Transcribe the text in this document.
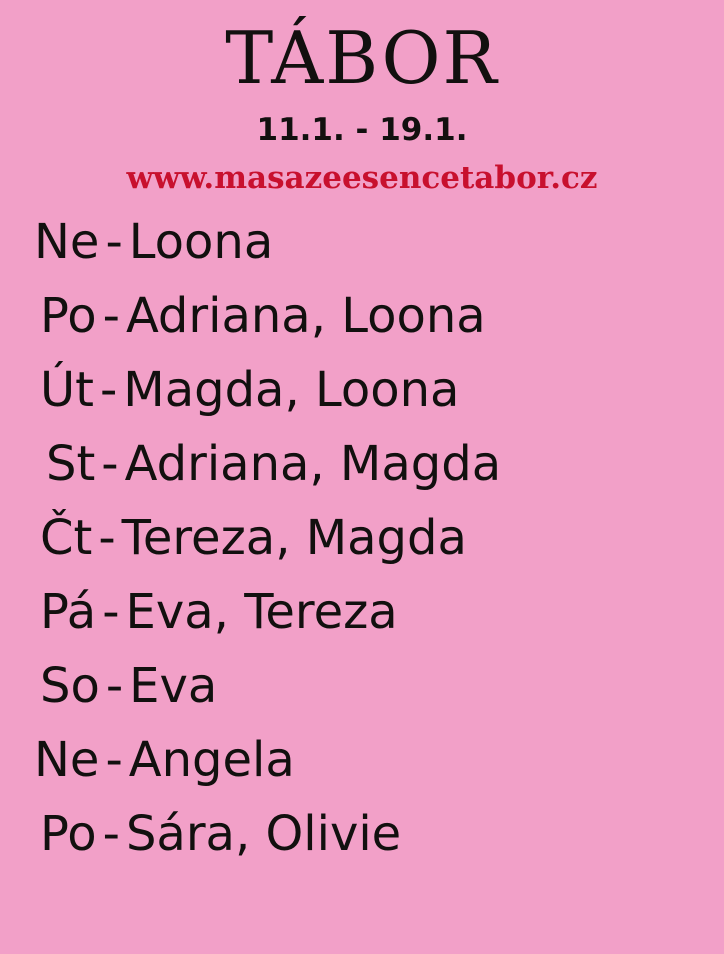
TÁBOR
11.1. - 19.1.
www.masazeesencetabor.cz
Ne - Loona
Po - Adriana, Loona
Út - Magda, Loona
St - Adriana, Magda
Čt - Tereza, Magda
Pá - Eva, Tereza
So - Eva
Ne - Angela
Po - Sára, Olivie
